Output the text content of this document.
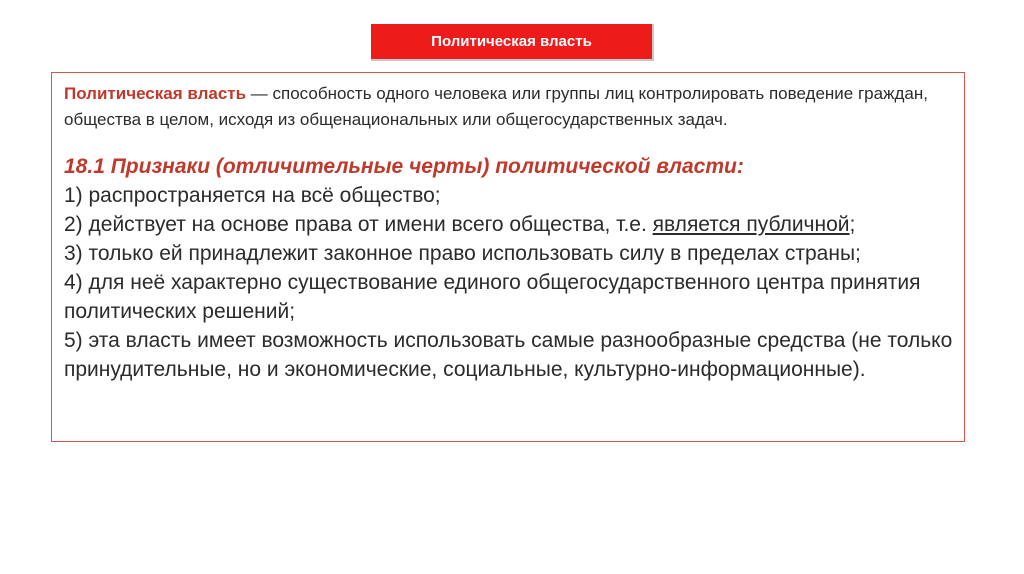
Политическая власть

Политическая власть — способность одного человека или группы лиц контролировать поведение граждан, общества в целом, исходя из общенациональных или общегосударственных задач.

18.1 Признаки (отличительные черты) политической власти:

1) распространяется на всё общество;
2) действует на основе права от имени всего общества, т.е. является публичной;
3) только ей принадлежит законное право использовать силу в пределах страны;
4) для неё характерно существование единого общегосударственного центра принятия политических решений;
5) эта власть имеет возможность использовать самые разнообразные средства (не только принудительные, но и экономические, социальные, культурно-информационные).
